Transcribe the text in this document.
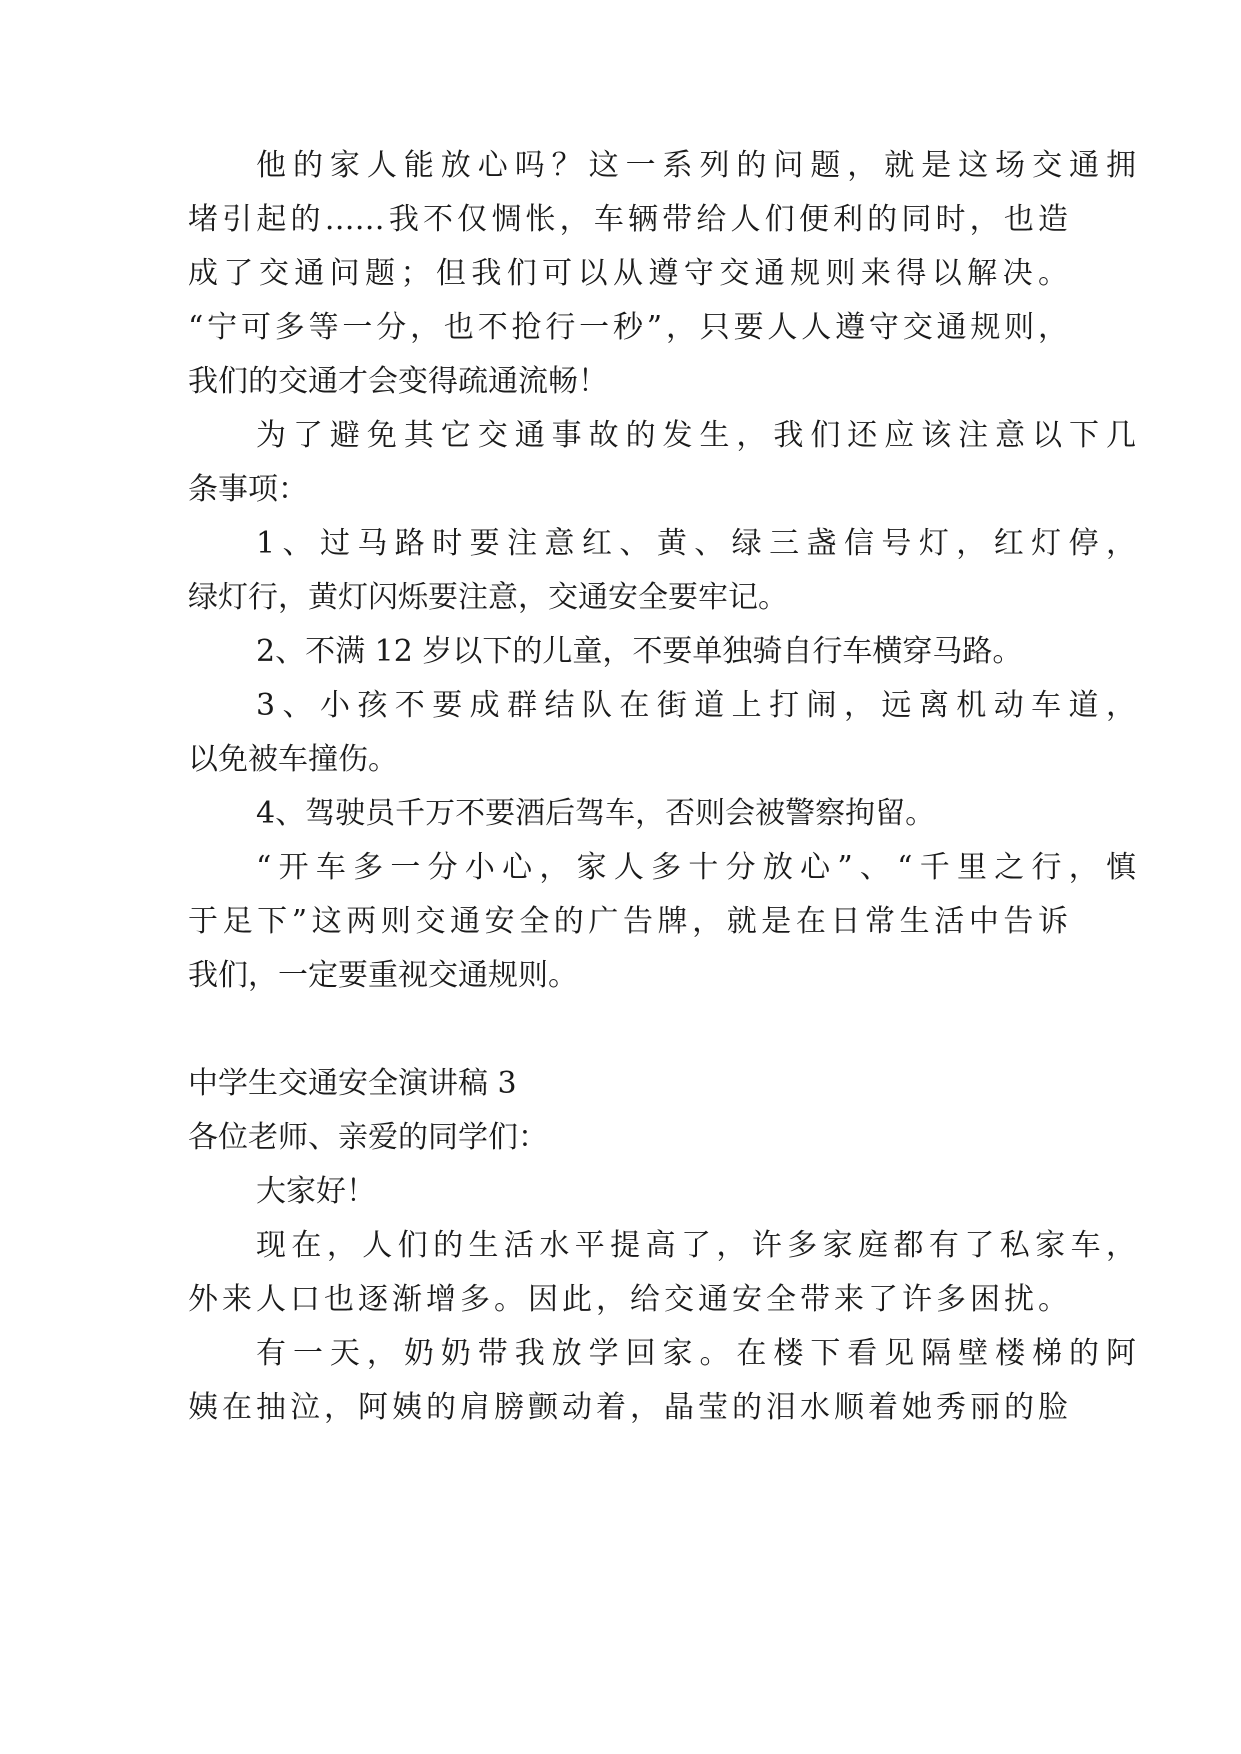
他的家人能放心吗？这一系列的问题，就是这场交通拥
堵引起的……我不仅惆怅，车辆带给人们便利的同时，也造
成了交通问题；但我们可以从遵守交通规则来得以解决。
“宁可多等一分，也不抢行一秒”，只要人人遵守交通规则，
我们的交通才会变得疏通流畅！
为了避免其它交通事故的发生，我们还应该注意以下几
条事项：
1、过马路时要注意红、黄、绿三盏信号灯，红灯停，
绿灯行，黄灯闪烁要注意，交通安全要牢记。
2、不满 12 岁以下的儿童，不要单独骑自行车横穿马路。
3、小孩不要成群结队在街道上打闹，远离机动车道，
以免被车撞伤。
4、驾驶员千万不要酒后驾车，否则会被警察拘留。
“开车多一分小心，家人多十分放心”、“千里之行，慎
于足下”这两则交通安全的广告牌，就是在日常生活中告诉
我们，一定要重视交通规则。
中学生交通安全演讲稿 3
各位老师、亲爱的同学们：
大家好！
现在，人们的生活水平提高了，许多家庭都有了私家车，
外来人口也逐渐增多。因此，给交通安全带来了许多困扰。
有一天，奶奶带我放学回家。在楼下看见隔壁楼梯的阿
姨在抽泣，阿姨的肩膀颤动着，晶莹的泪水顺着她秀丽的脸
